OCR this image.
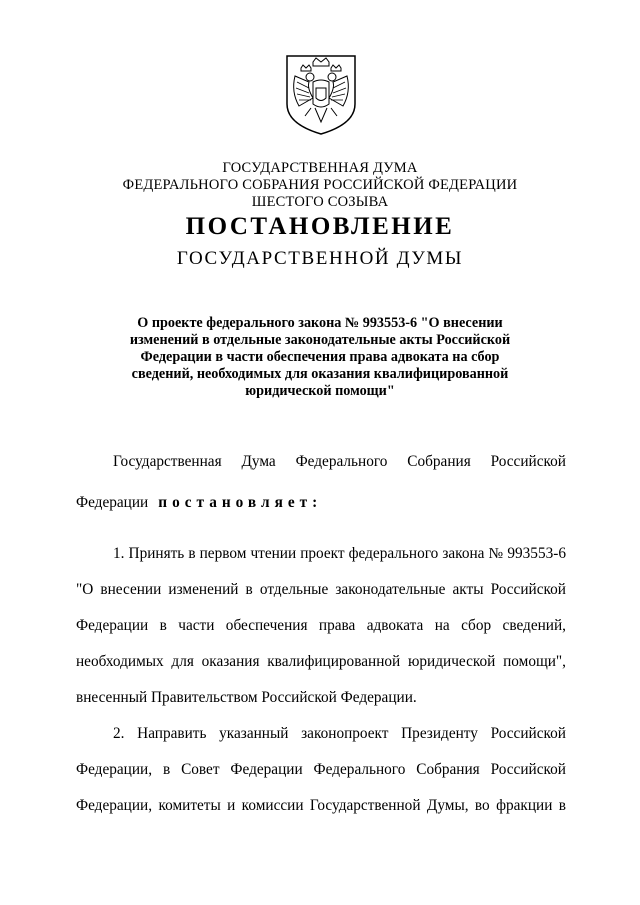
ГОСУДАРСТВЕННАЯ ДУМА
ФЕДЕРАЛЬНОГО СОБРАНИЯ РОССИЙСКОЙ ФЕДЕРАЦИИ
ШЕСТОГО СОЗЫВА
ПОСТАНОВЛЕНИЕ
ГОСУДАРСТВЕННОЙ ДУМЫ
О проекте федерального закона № 993553-6 "О внесении
изменений в отдельные законодательные акты Российской
Федерации в части обеспечения права адвоката на сбор
сведений, необходимых для оказания квалифицированной
юридической помощи"
Государственная Дума Федерального Собрания Российской
Федерации постановляет:
1. Принять в первом чтении проект федерального закона № 993553-6
"О внесении изменений в отдельные законодательные акты Российской
Федерации в части обеспечения права адвоката на сбор сведений,
необходимых для оказания квалифицированной юридической помощи",
внесенный Правительством Российской Федерации.
2. Направить указанный законопроект Президенту Российской
Федерации, в Совет Федерации Федерального Собрания Российской
Федерации, комитеты и комиссии Государственной Думы, во фракции в
